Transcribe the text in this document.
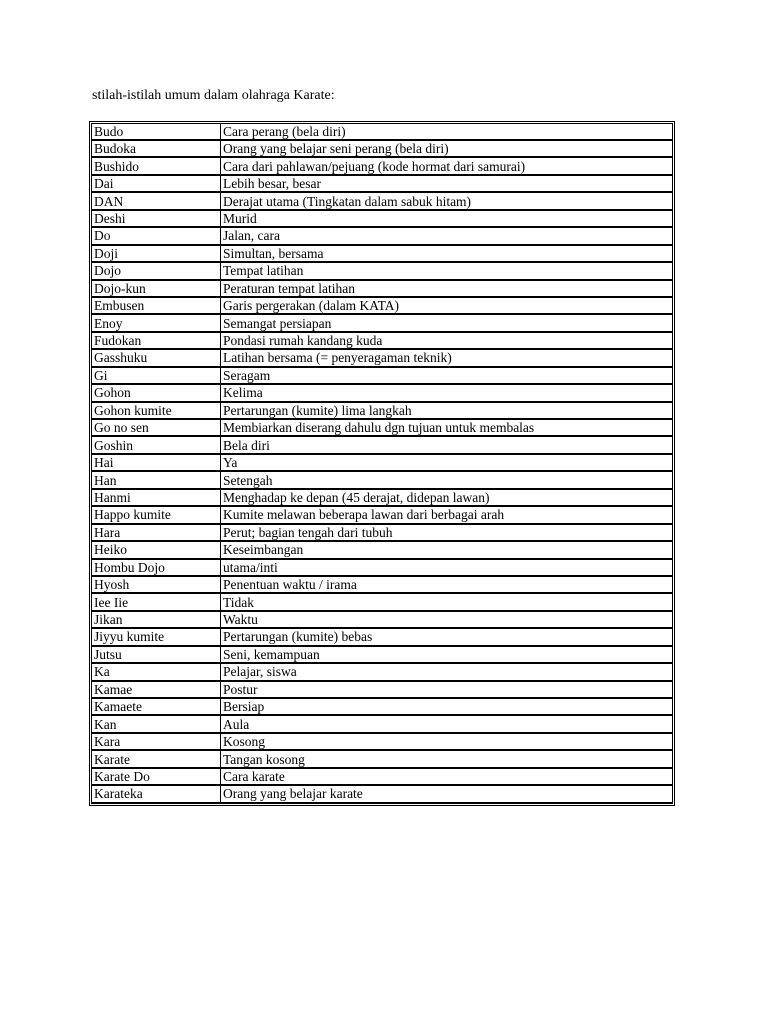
stilah-istilah umum dalam olahraga Karate:
Budo	Cara perang (bela diri)
Budoka	Orang yang belajar seni perang (bela diri)
Bushido	Cara dari pahlawan/pejuang (kode hormat dari samurai)
Dai	Lebih besar, besar
DAN	Derajat utama (Tingkatan dalam sabuk hitam)
Deshi	Murid
Do	Jalan, cara
Doji	Simultan, bersama
Dojo	Tempat latihan
Dojo-kun	Peraturan tempat latihan
Embusen	Garis pergerakan (dalam KATA)
Enoy	Semangat persiapan
Fudokan	Pondasi rumah kandang kuda
Gasshuku	Latihan bersama (= penyeragaman teknik)
Gi	Seragam
Gohon	Kelima
Gohon kumite	Pertarungan (kumite) lima langkah
Go no sen	Membiarkan diserang dahulu dgn tujuan untuk membalas
Goshin	Bela diri
Hai	Ya
Han	Setengah
Hanmi	Menghadap ke depan (45 derajat, didepan lawan)
Happo kumite	Kumite melawan beberapa lawan dari berbagai arah
Hara	Perut; bagian tengah dari tubuh
Heiko	Keseimbangan
Hombu Dojo	utama/inti
Hyosh	Penentuan waktu / irama
Iee Iie	Tidak
Jikan	Waktu
Jiyyu kumite	Pertarungan (kumite) bebas
Jutsu	Seni, kemampuan
Ka	Pelajar, siswa
Kamae	Postur
Kamaete	Bersiap
Kan	Aula
Kara	Kosong
Karate	Tangan kosong
Karate Do	Cara karate
Karateka	Orang yang belajar karate
